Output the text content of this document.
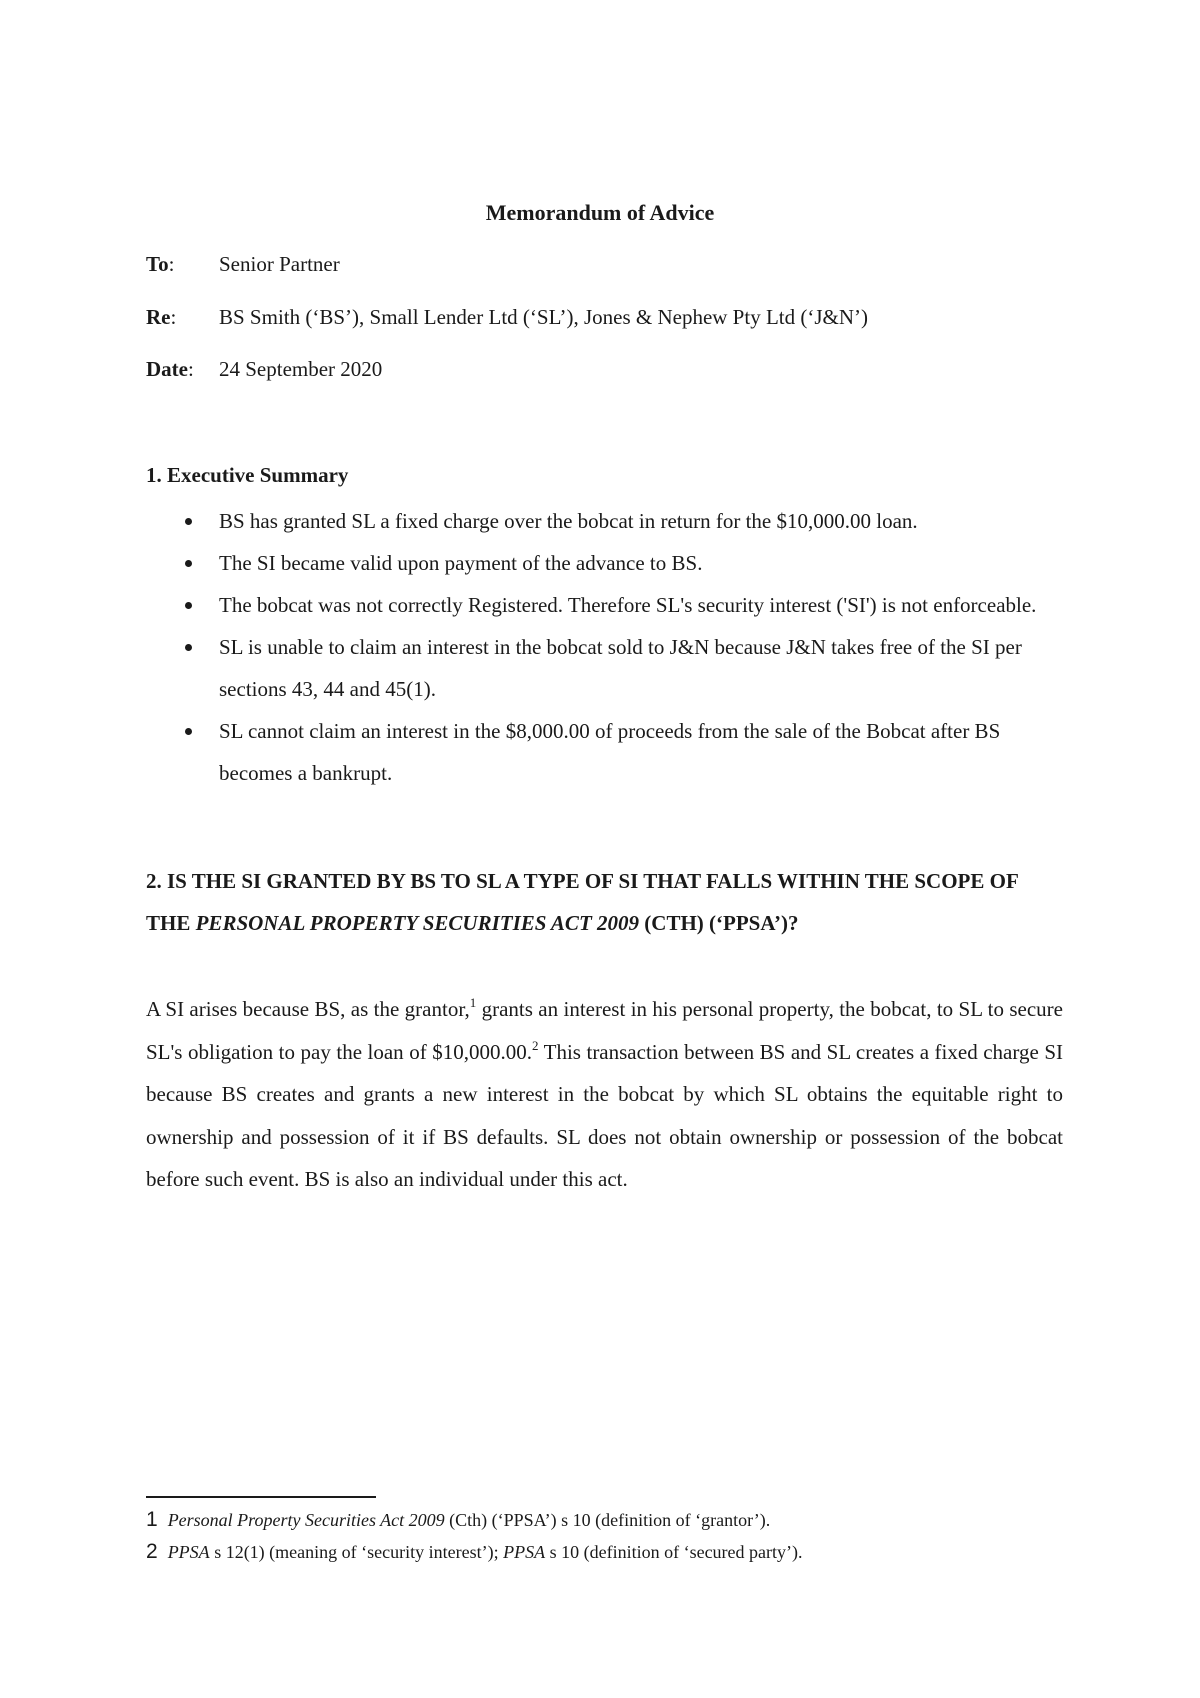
Memorandum of Advice
To: Senior Partner
Re: BS Smith (‘BS’), Small Lender Ltd (‘SL’), Jones & Nephew Pty Ltd (‘J&N’)
Date: 24 September 2020
1. Executive Summary
BS has granted SL a fixed charge over the bobcat in return for the $10,000.00 loan.
The SI became valid upon payment of the advance to BS.
The bobcat was not correctly Registered. Therefore SL's security interest ('SI') is not enforceable.
SL is unable to claim an interest in the bobcat sold to J&N because J&N takes free of the SI per sections 43, 44 and 45(1).
SL cannot claim an interest in the $8,000.00 of proceeds from the sale of the Bobcat after BS becomes a bankrupt.
2. IS THE SI GRANTED BY BS TO SL A TYPE OF SI THAT FALLS WITHIN THE SCOPE OF THE PERSONAL PROPERTY SECURITIES ACT 2009 (CTH) (‘PPSA’)?
A SI arises because BS, as the grantor,$^1$ grants an interest in his personal property, the bobcat, to SL to secure SL's obligation to pay the loan of $10,000.00.$^2$ This transaction between BS and SL creates a fixed charge SI because BS creates and grants a new interest in the bobcat by which SL obtains the equitable right to ownership and possession of it if BS defaults. SL does not obtain ownership or possession of the bobcat before such event. BS is also an individual under this act.
1 Personal Property Securities Act 2009 (Cth) (‘PPSA’) s 10 (definition of ‘grantor’).
2 PPSA s 12(1) (meaning of ‘security interest’); PPSA s 10 (definition of ‘secured party’).
